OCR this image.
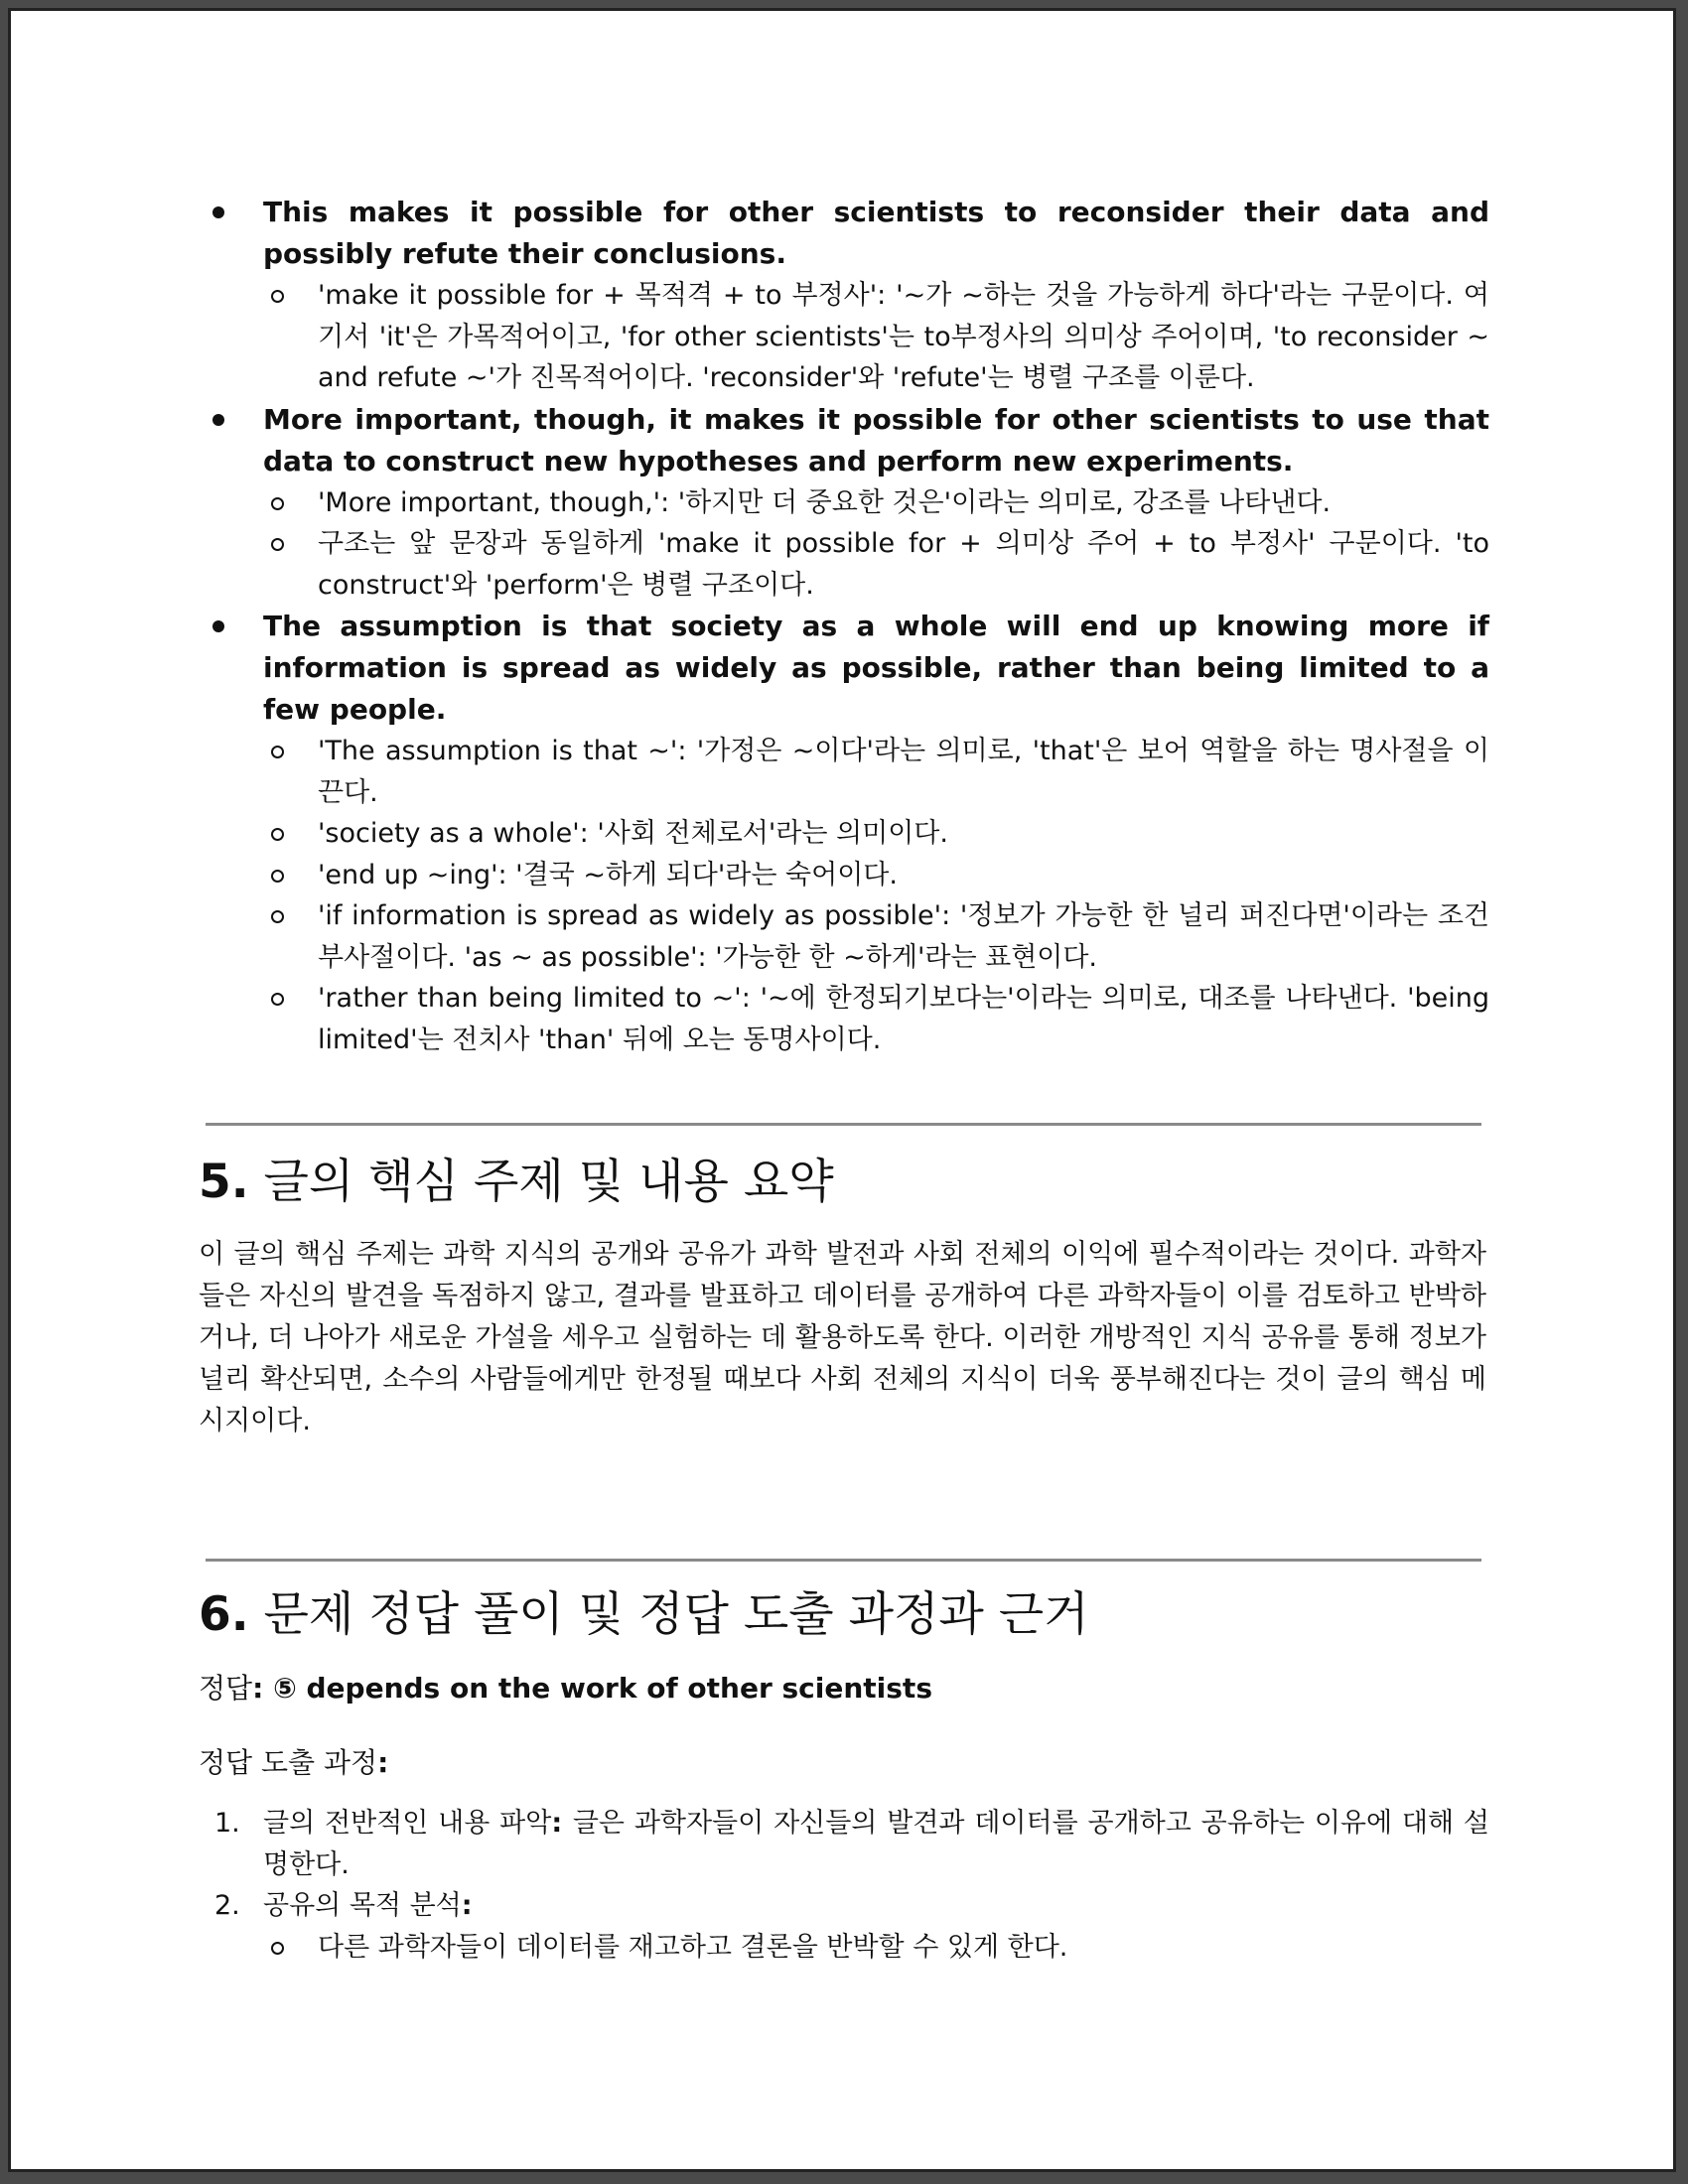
This makes it possible for other scientists to reconsider their data and possibly refute their conclusions.
'make it possible for + 목적격 + to 부정사': '~가 ~하는 것을 가능하게 하다'라는 구문이다. 여기서 'it'은 가목적어이고, 'for other scientists'는 to부정사의 의미상 주어이며, 'to reconsider ~ and refute ~'가 진목적어이다. 'reconsider'와 'refute'는 병렬 구조를 이룬다.
More important, though, it makes it possible for other scientists to use that data to construct new hypotheses and perform new experiments.
'More important, though,': '하지만 더 중요한 것은'이라는 의미로, 강조를 나타낸다.
구조는 앞 문장과 동일하게 'make it possible for + 의미상 주어 + to 부정사' 구문이다. 'to construct'와 'perform'은 병렬 구조이다.
The assumption is that society as a whole will end up knowing more if information is spread as widely as possible, rather than being limited to a few people.
'The assumption is that ~': '가정은 ~이다'라는 의미로, 'that'은 보어 역할을 하는 명사절을 이끈다.
'society as a whole': '사회 전체로서'라는 의미이다.
'end up ~ing': '결국 ~하게 되다'라는 숙어이다.
'if information is spread as widely as possible': '정보가 가능한 한 널리 퍼진다면'이라는 조건 부사절이다. 'as ~ as possible': '가능한 한 ~하게'라는 표현이다.
'rather than being limited to ~': '~에 한정되기보다는'이라는 의미로, 대조를 나타낸다. 'being limited'는 전치사 'than' 뒤에 오는 동명사이다.
5. 글의 핵심 주제 및 내용 요약
이 글의 핵심 주제는 과학 지식의 공개와 공유가 과학 발전과 사회 전체의 이익에 필수적이라는 것이다. 과학자들은 자신의 발견을 독점하지 않고, 결과를 발표하고 데이터를 공개하여 다른 과학자들이 이를 검토하고 반박하거나, 더 나아가 새로운 가설을 세우고 실험하는 데 활용하도록 한다. 이러한 개방적인 지식 공유를 통해 정보가 널리 확산되면, 소수의 사람들에게만 한정될 때보다 사회 전체의 지식이 더욱 풍부해진다는 것이 글의 핵심 메시지이다.
6. 문제 정답 풀이 및 정답 도출 과정과 근거
정답: ⑤ depends on the work of other scientists
정답 도출 과정:
1. 글의 전반적인 내용 파악: 글은 과학자들이 자신들의 발견과 데이터를 공개하고 공유하는 이유에 대해 설명한다.
2. 공유의 목적 분석:
다른 과학자들이 데이터를 재고하고 결론을 반박할 수 있게 한다.
